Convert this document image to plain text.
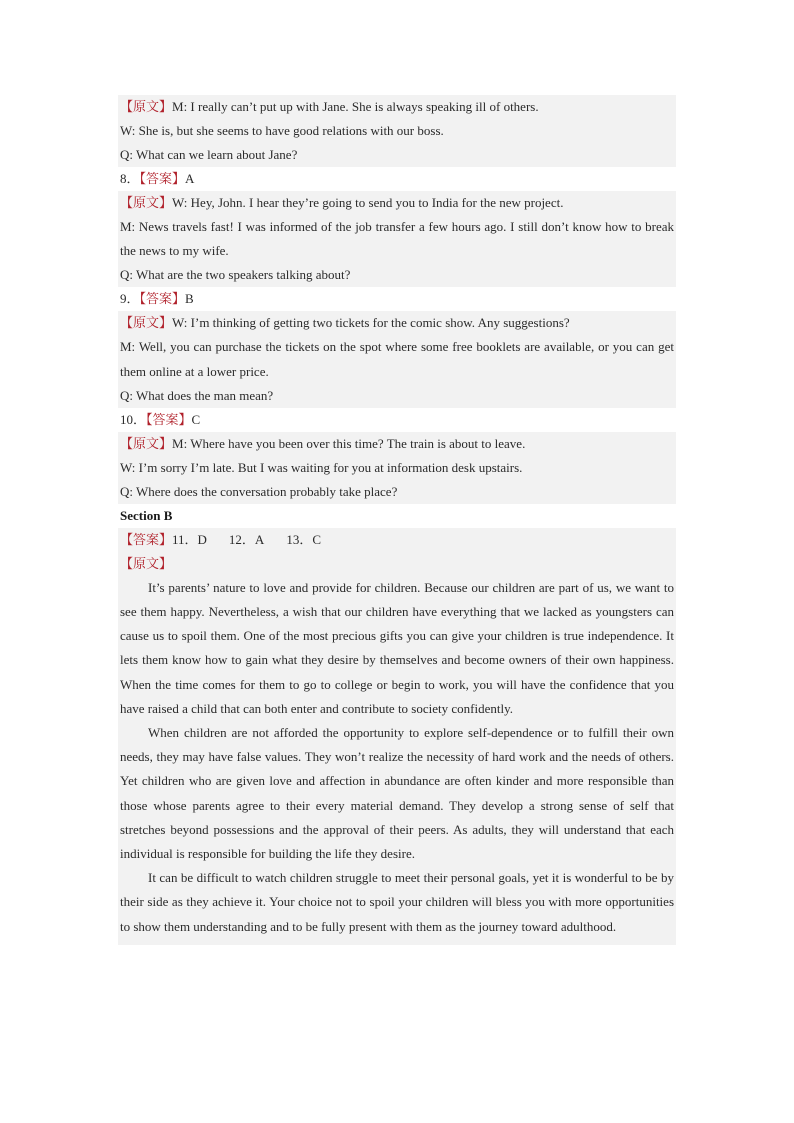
【原文】M: I really can’t put up with Jane. She is always speaking ill of others.
W: She is, but she seems to have good relations with our boss.
Q: What can we learn about Jane?
8．【答案】A
【原文】W: Hey, John. I hear they’re going to send you to India for the new project.
M: News travels fast! I was informed of the job transfer a few hours ago. I still don’t know how to break the news to my wife.
Q: What are the two speakers talking about?
9．【答案】B
【原文】W: I’m thinking of getting two tickets for the comic show. Any suggestions?
M: Well, you can purchase the tickets on the spot where some free booklets are available, or you can get them online at a lower price.
Q: What does the man mean?
10．【答案】C
【原文】M: Where have you been over this time? The train is about to leave.
W: I’m sorry I’m late. But I was waiting for you at information desk upstairs.
Q: Where does the conversation probably take place?
Section B
【答案】11．D 12．A 13．C
【原文】
It’s parents’ nature to love and provide for children. Because our children are part of us, we want to see them happy. Nevertheless, a wish that our children have everything that we lacked as youngsters can cause us to spoil them. One of the most precious gifts you can give your children is true independence. It lets them know how to gain what they desire by themselves and become owners of their own happiness. When the time comes for them to go to college or begin to work, you will have the confidence that you have raised a child that can both enter and contribute to society confidently.
When children are not afforded the opportunity to explore self-dependence or to fulfill their own needs, they may have false values. They won’t realize the necessity of hard work and the needs of others. Yet children who are given love and affection in abundance are often kinder and more responsible than those whose parents agree to their every material demand. They develop a strong sense of self that stretches beyond possessions and the approval of their peers. As adults, they will understand that each individual is responsible for building the life they desire.
It can be difficult to watch children struggle to meet their personal goals, yet it is wonderful to be by their side as they achieve it. Your choice not to spoil your children will bless you with more opportunities to show them understanding and to be fully present with them as the journey toward adulthood.
